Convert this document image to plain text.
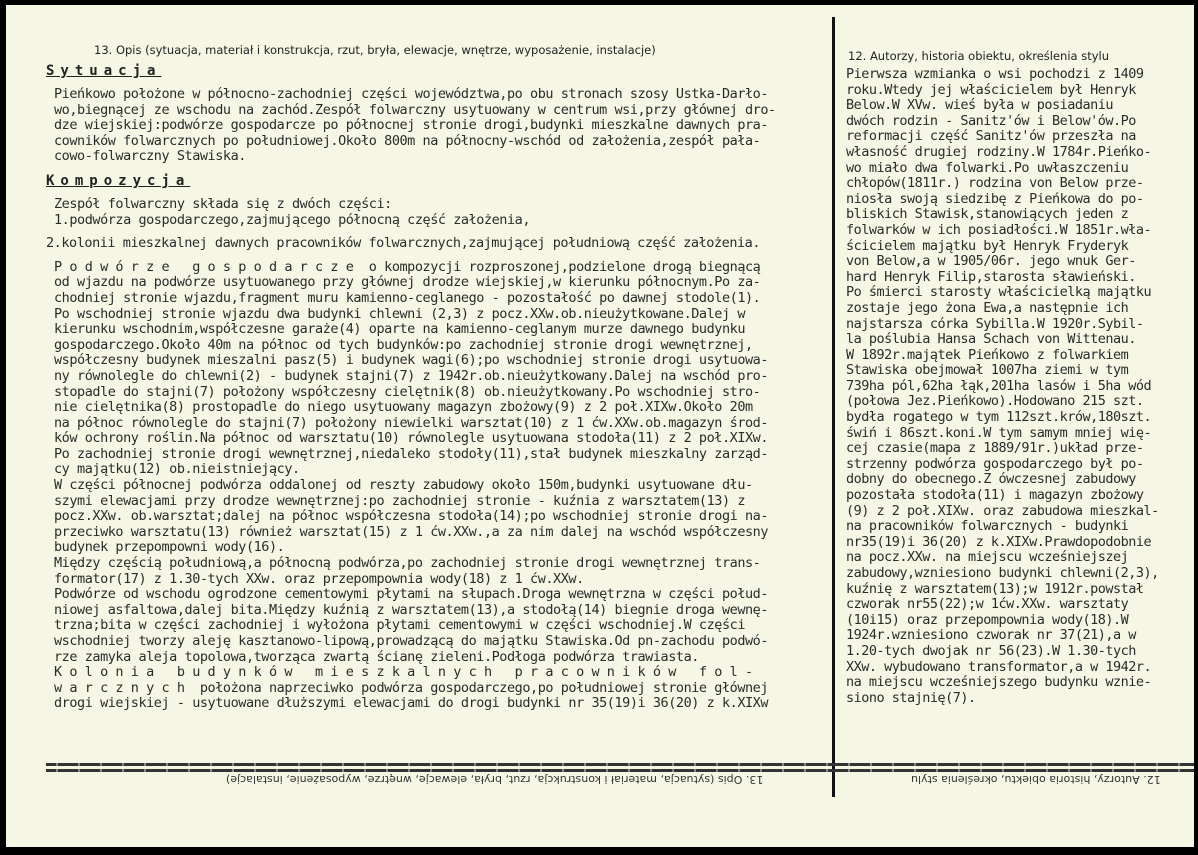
13. Opis (sytuacja, materiał i konstrukcja, rzut, bryła, elewacje, wnętrze, wyposażenie, instalacje)
Sytuacja

Pieńkowo położone w północno-zachodniej części województwa,po obu stronach szosy Ustka-Darło-
wo,biegnącej ze wschodu na zachód.Zespół folwarczny usytuowany w centrum wsi,przy głównej dro-
dze wiejskiej:podwórze gospodarcze po północnej stronie drogi,budynki mieszkalne dawnych pra-
cowników folwarcznych po południowej.Około 800m na północny-wschód od założenia,zespół pała-
cowo-folwarczny Stawiska.

Kompozycja

Zespół folwarczny składa się z dwóch części:
1.podwórza gospodarczego,zajmującego północną część założenia,

2.kolonii mieszkalnej dawnych pracowników folwarcznych,zajmującej południową część założenia.

P o d w ó r z e   g o s p o d a r c z e  o kompozycji rozproszonej,podzielone drogą biegnącą
od wjazdu na podwórze usytuowanego przy głównej drodze wiejskiej,w kierunku północnym.Po za-
chodniej stronie wjazdu,fragment muru kamienno-ceglanego - pozostałość po dawnej stodole(1).
Po wschodniej stronie wjazdu dwa budynki chlewni (2,3) z pocz.XXw.ob.nieużytkowane.Dalej w
kierunku wschodnim,współczesne garaże(4) oparte na kamienno-ceglanym murze dawnego budynku
gospodarczego.Około 40m na północ od tych budynków:po zachodniej stronie drogi wewnętrznej,
współczesny budynek mieszalni pasz(5) i budynek wagi(6);po wschodniej stronie drogi usytuowa-
ny równolegle do chlewni(2) - budynek stajni(7) z 1942r.ob.nieużytkowany.Dalej na wschód pro-
stopadle do stajni(7) położony współczesny cielętnik(8) ob.nieużytkowany.Po wschodniej stro-
nie cielętnika(8) prostopadle do niego usytuowany magazyn zbożowy(9) z 2 poł.XIXw.Około 20m
na północ równolegle do stajni(7) położony niewielki warsztat(10) z 1 ćw.XXw.ob.magazyn środ-
ków ochrony roślin.Na północ od warsztatu(10) równolegle usytuowana stodoła(11) z 2 poł.XIXw.
Po zachodniej stronie drogi wewnętrznej,niedaleko stodoły(11),stał budynek mieszkalny zarząd-
cy majątku(12) ob.nieistniejący.
W części północnej podwórza oddalonej od reszty zabudowy około 150m,budynki usytuowane dłu-
szymi elewacjami przy drodze wewnętrznej:po zachodniej stronie - kuźnia z warsztatem(13) z
pocz.XXw. ob.warsztat;dalej na północ współczesna stodoła(14);po wschodniej stronie drogi na-
przeciwko warsztatu(13) również warsztat(15) z 1 ćw.XXw.,a za nim dalej na wschód współczesny
budynek przepompowni wody(16).
Między częścią południową,a północną podwórza,po zachodniej stronie drogi wewnętrznej trans-
formator(17) z 1.30-tych XXw. oraz przepompownia wody(18) z 1 ćw.XXw.
Podwórze od wschodu ogrodzone cementowymi płytami na słupach.Droga wewnętrzna w części połud-
niowej asfaltowa,dalej bita.Między kuźnią z warsztatem(13),a stodołą(14) biegnie droga wewnę-
trzna;bita w części zachodniej i wyłożona płytami cementowymi w części wschodniej.W części
wschodniej tworzy aleję kasztanowo-lipową,prowadzącą do majątku Stawiska.Od pn-zachodu podwó-
rze zamyka aleja topolowa,tworząca zwartą ścianę zieleni.Podłoga podwórza trawiasta.
K o l o n i a   b u d y n k ó w   m i e s z k a l n y c h   p r a c o w n i k ó w   f o l -
w a r c z n y c h  położona naprzeciwko podwórza gospodarczego,po południowej stronie głównej
drogi wiejskiej - usytuowane dłuższymi elewacjami do drogi budynki nr 35(19)i 36(20) z k.XIXw

12. Autorzy, historia obiektu, określenia stylu

Pierwsza wzmianka o wsi pochodzi z 1409
roku.Wtedy jej właścicielem był Henryk
Below.W XVw. wieś była w posiadaniu
dwóch rodzin - Sanitz'ów i Below'ów.Po
reformacji część Sanitz'ów przeszła na
własność drugiej rodziny.W 1784r.Pieńko-
wo miało dwa folwarki.Po uwłaszczeniu
chłopów(1811r.) rodzina von Below prze-
niosła swoją siedzibę z Pieńkowa do po-
bliskich Stawisk,stanowiących jeden z
folwarków w ich posiadłości.W 1851r.wła-
ścicielem majątku był Henryk Fryderyk
von Below,a w 1905/06r. jego wnuk Ger-
hard Henryk Filip,starosta sławieński.
Po śmierci starosty właścicielką majątku
zostaje jego żona Ewa,a następnie ich
najstarsza córka Sybilla.W 1920r.Sybil-
la poślubia Hansa Schach von Wittenau.
W 1892r.majątek Pieńkowo z folwarkiem
Stawiska obejmował 1007ha ziemi w tym
739ha pól,62ha łąk,201ha lasów i 5ha wód
(połowa Jez.Pieńkowo).Hodowano 215 szt.
bydła rogatego w tym 112szt.krów,180szt.
świń i 86szt.koni.W tym samym mniej wię-
cej czasie(mapa z 1889/91r.)układ prze-
strzenny podwórza gospodarczego był po-
dobny do obecnego.Z ówczesnej zabudowy
pozostała stodoła(11) i magazyn zbożowy
(9) z 2 poł.XIXw. oraz zabudowa mieszkal-
na pracowników folwarcznych - budynki
nr35(19)i 36(20) z k.XIXw.Prawdopodobnie
na pocz.XXw. na miejscu wcześniejszej
zabudowy,wzniesiono budynki chlewni(2,3),
kuźnię z warsztatem(13);w 1912r.powstał
czworak nr55(22);w 1ćw.XXw. warsztaty
(10i15) oraz przepompownia wody(18).W
1924r.wzniesiono czworak nr 37(21),a w
1.20-tych dwojak nr 56(23).W 1.30-tych
XXw. wybudowano transformator,a w 1942r.
na miejscu wcześniejszego budynku wznie-
siono stajnię(7).

13. Opis (sytuacja, materiał i konstrukcja, rzut, bryła, elewacje, wnętrze, wyposażenie, instalacje)	12. Autorzy, historia obiektu, określenia stylu
